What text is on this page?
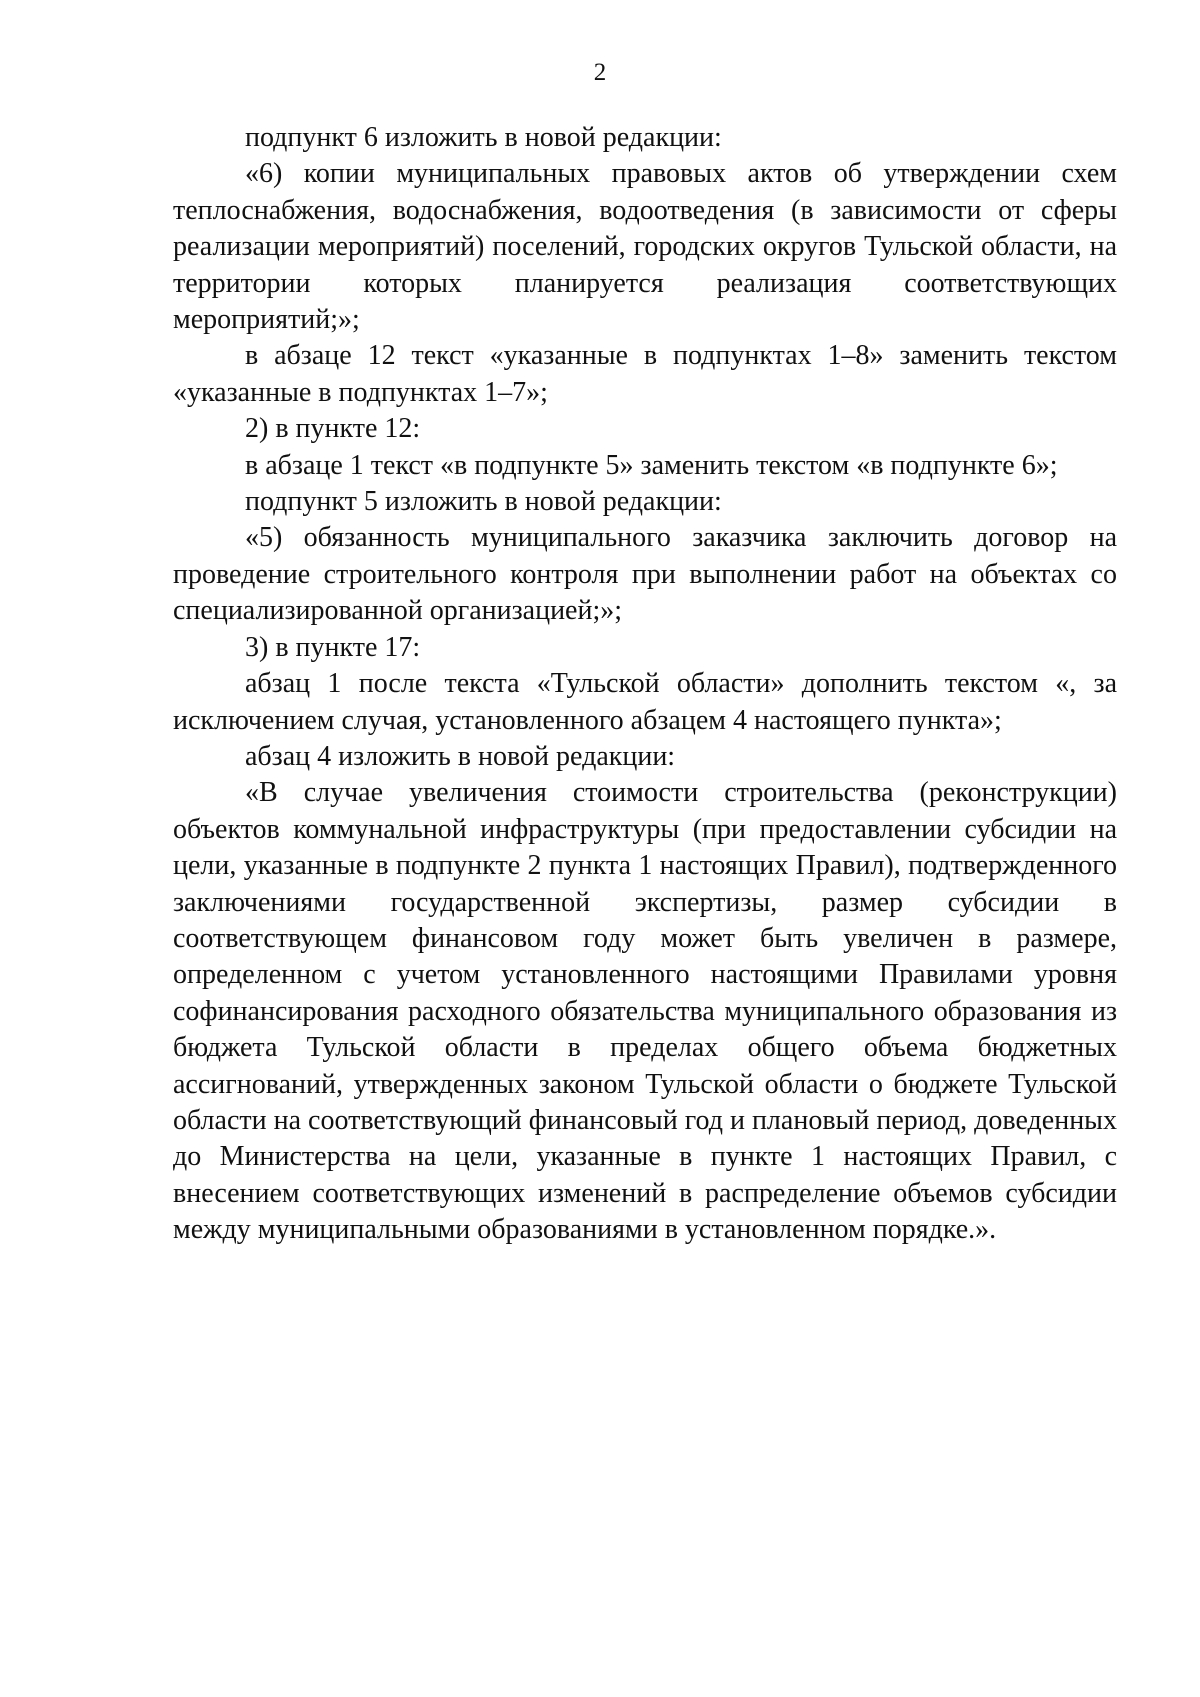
2

подпункт 6 изложить в новой редакции:

«6) копии муниципальных правовых актов об утверждении схем теплоснабжения, водоснабжения, водоотведения (в зависимости от сферы реализации мероприятий) поселений, городских округов Тульской области, на территории которых планируется реализация соответствующих мероприятий;»;

в абзаце 12 текст «указанные в подпунктах 1–8» заменить текстом «указанные в подпунктах 1–7»;

2) в пункте 12:

в абзаце 1 текст «в подпункте 5» заменить текстом «в подпункте 6»;

подпункт 5 изложить в новой редакции:

«5) обязанность муниципального заказчика заключить договор на проведение строительного контроля при выполнении работ на объектах со специализированной организацией;»;

3) в пункте 17:

абзац 1 после текста «Тульской области» дополнить текстом «, за исключением случая, установленного абзацем 4 настоящего пункта»;

абзац 4 изложить в новой редакции:

«В случае увеличения стоимости строительства (реконструкции) объектов коммунальной инфраструктуры (при предоставлении субсидии на цели, указанные в подпункте 2 пункта 1 настоящих Правил), подтвержденного заключениями государственной экспертизы, размер субсидии в соответствующем финансовом году может быть увеличен в размере, определенном с учетом установленного настоящими Правилами уровня софинансирования расходного обязательства муниципального образования из бюджета Тульской области в пределах общего объема бюджетных ассигнований, утвержденных законом Тульской области о бюджете Тульской области на соответствующий финансовый год и плановый период, доведенных до Министерства на цели, указанные в пункте 1 настоящих Правил, с внесением соответствующих изменений в распределение объемов субсидии между муниципальными образованиями в установленном порядке.».
